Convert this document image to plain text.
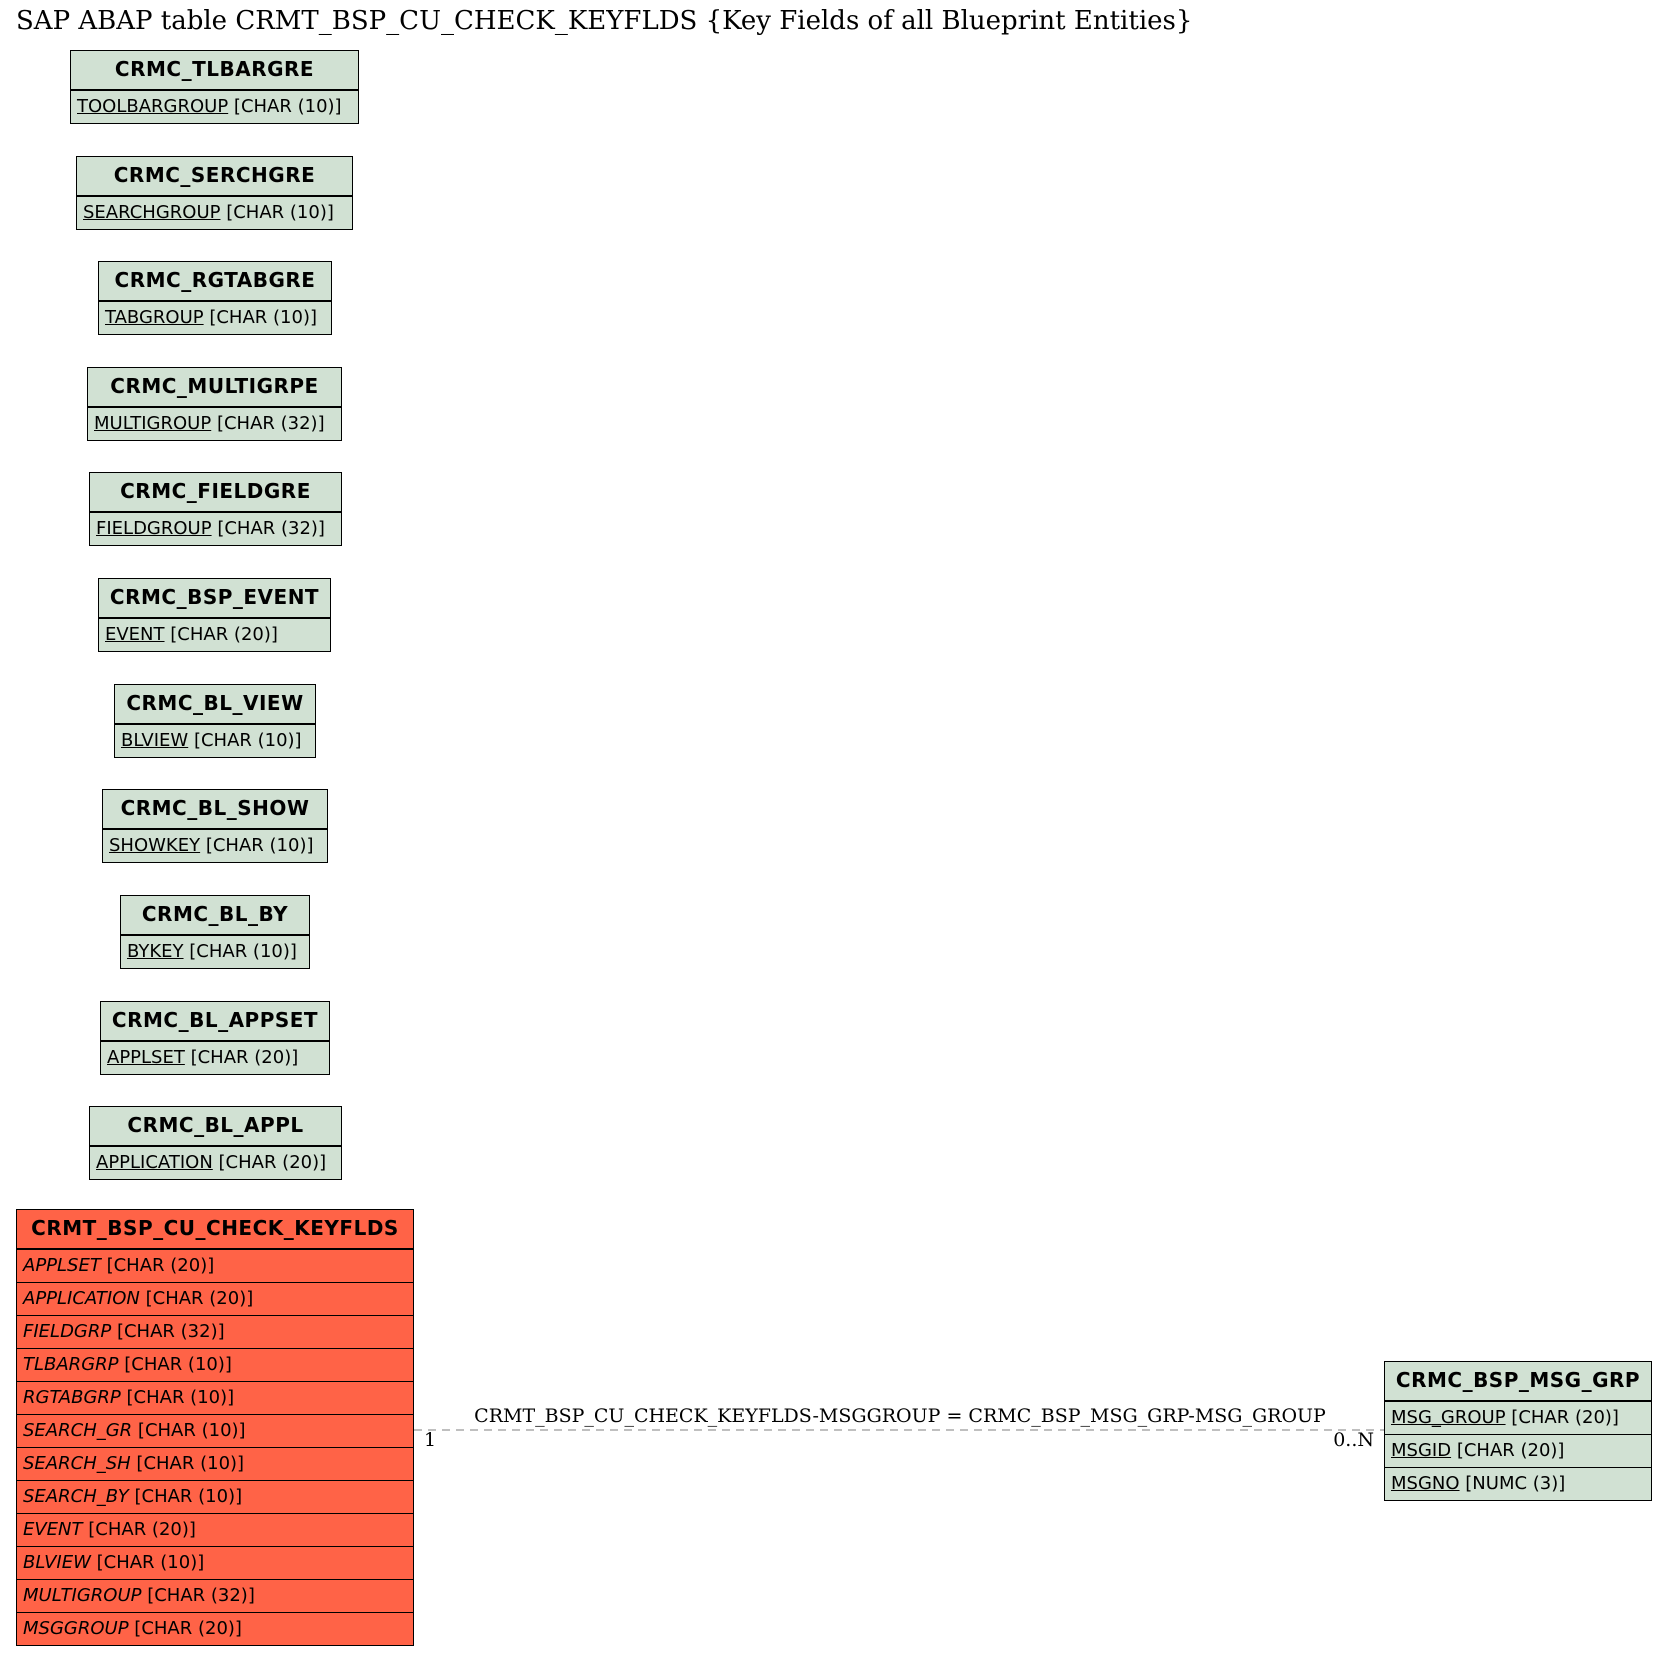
SAP ABAP table CRMT_BSP_CU_CHECK_KEYFLDS {Key Fields of all Blueprint Entities}
CRMC_TLBARGRE
TOOLBARGROUP [CHAR (10)]
CRMC_SERCHGRE
SEARCHGROUP [CHAR (10)]
CRMC_RGTABGRE
TABGROUP [CHAR (10)]
CRMC_MULTIGRPE
MULTIGROUP [CHAR (32)]
CRMC_FIELDGRE
FIELDGROUP [CHAR (32)]
CRMC_BSP_EVENT
EVENT [CHAR (20)]
CRMC_BL_VIEW
BLVIEW [CHAR (10)]
CRMC_BL_SHOW
SHOWKEY [CHAR (10)]
CRMC_BL_BY
BYKEY [CHAR (10)]
CRMC_BL_APPSET
APPLSET [CHAR (20)]
CRMC_BL_APPL
APPLICATION [CHAR (20)]
CRMT_BSP_CU_CHECK_KEYFLDS
APPLSET [CHAR (20)]
APPLICATION [CHAR (20)]
FIELDGRP [CHAR (32)]
TLBARGRP [CHAR (10)]
RGTABGRP [CHAR (10)]
SEARCH_GR [CHAR (10)]
SEARCH_SH [CHAR (10)]
SEARCH_BY [CHAR (10)]
EVENT [CHAR (20)]
BLVIEW [CHAR (10)]
MULTIGROUP [CHAR (32)]
MSGGROUP [CHAR (20)]
CRMC_BSP_MSG_GRP
MSG_GROUP [CHAR (20)]
MSGID [CHAR (20)]
MSGNO [NUMC (3)]
CRMT_BSP_CU_CHECK_KEYFLDS-MSGGROUP = CRMC_BSP_MSG_GRP-MSG_GROUP
1	0..N
